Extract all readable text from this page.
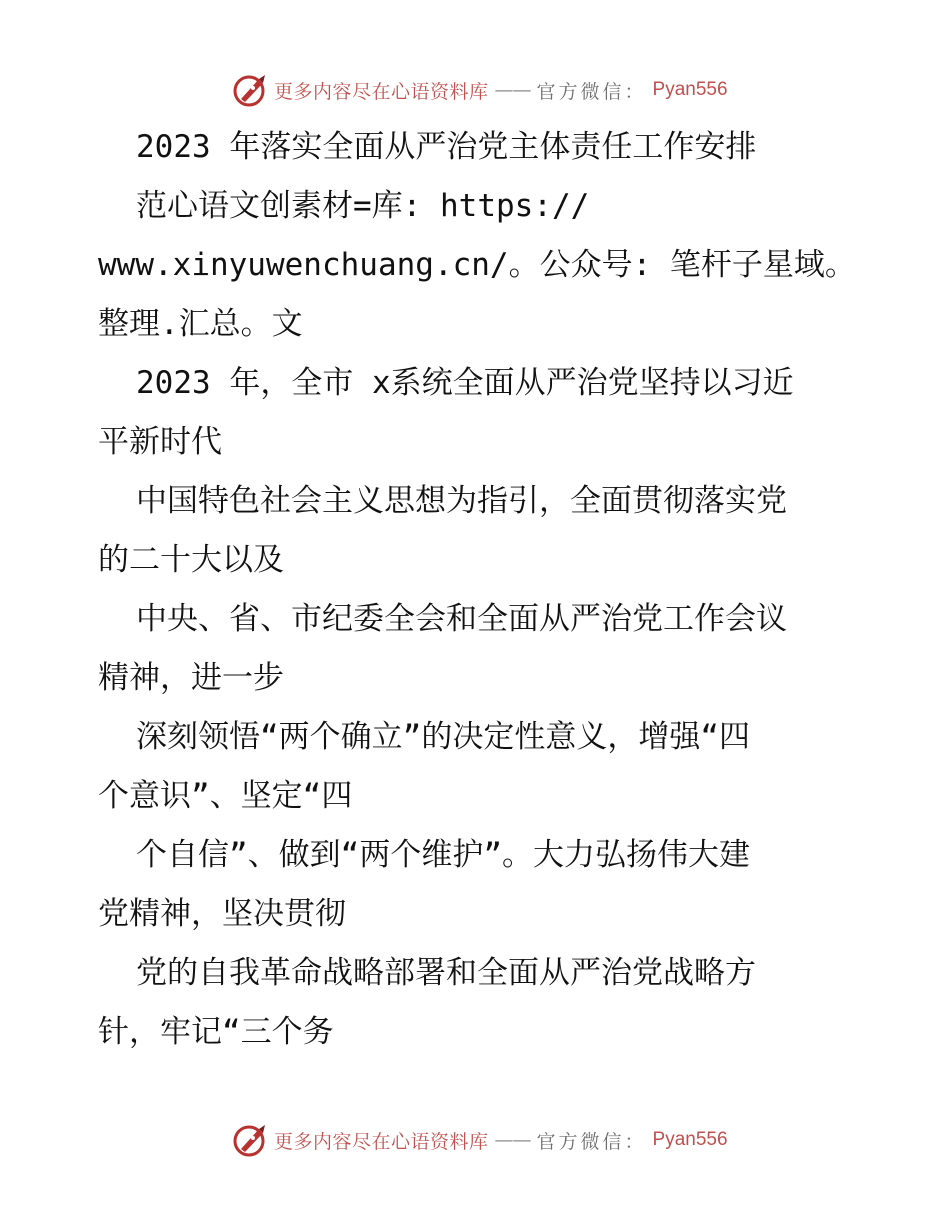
更多内容尽在心语资料库 —— 官方微信： Pyan556
2023 年落实全面从严治党主体责任工作安排
范心语文创素材=库: https://
www.xinyuwenchuang.cn/。公众号: 笔杆子星域。
整理.汇总。文
2023 年，全市 x系统全面从严治党坚持以习近
平新时代
中国特色社会主义思想为指引，全面贯彻落实党
的二十大以及
中央、省、市纪委全会和全面从严治党工作会议
精神，进一步
深刻领悟“两个确立”的决定性意义，增强“四
个意识”、坚定“四
个自信”、做到“两个维护”。大力弘扬伟大建
党精神，坚决贯彻
党的自我革命战略部署和全面从严治党战略方
针，牢记“三个务
更多内容尽在心语资料库 —— 官方微信： Pyan556
